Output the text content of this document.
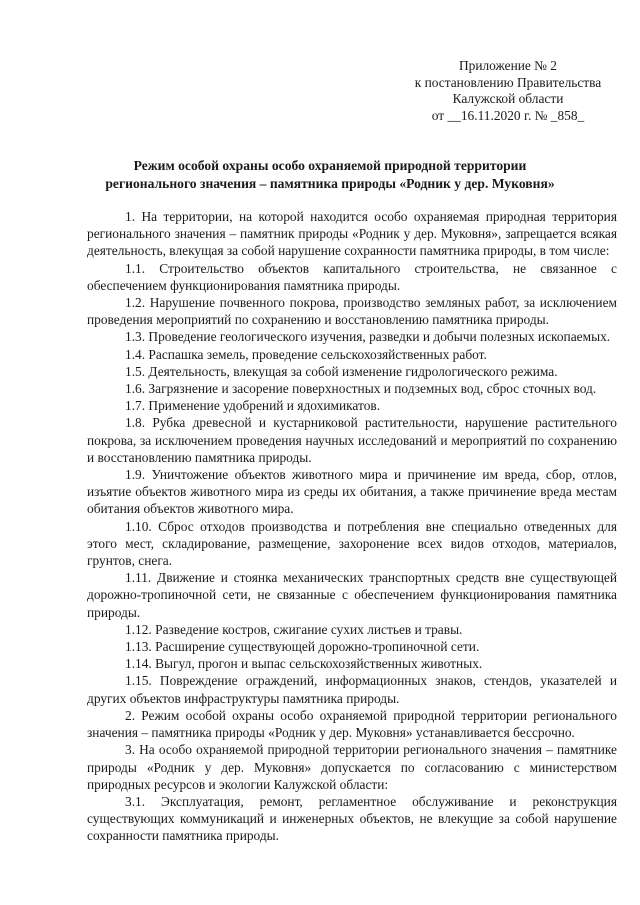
Приложение № 2
к постановлению Правительства
Калужской области
от __16.11.2020 г. № _858_
Режим особой охраны особо охраняемой природной территории
регионального значения – памятника природы «Родник у дер. Муковня»

1. На территории, на которой находится особо охраняемая природная территория регионального значения – памятник природы «Родник у дер. Муковня», запрещается всякая деятельность, влекущая за собой нарушение сохранности памятника природы, в том числе:

1.1. Строительство объектов капитального строительства, не связанное с обеспечением функционирования памятника природы.

1.2. Нарушение почвенного покрова, производство земляных работ, за исключением проведения мероприятий по сохранению и восстановлению памятника природы.

1.3. Проведение геологического изучения, разведки и добычи полезных ископаемых.

1.4. Распашка земель, проведение сельскохозяйственных работ.

1.5. Деятельность, влекущая за собой изменение гидрологического режима.

1.6. Загрязнение и засорение поверхностных и подземных вод, сброс сточных вод.

1.7. Применение удобрений и ядохимикатов.

1.8. Рубка древесной и кустарниковой растительности, нарушение растительного покрова, за исключением проведения научных исследований и мероприятий по сохранению и восстановлению памятника природы.

1.9. Уничтожение объектов животного мира и причинение им вреда, сбор, отлов, изъятие объектов животного мира из среды их обитания, а также причинение вреда местам обитания объектов животного мира.

1.10. Сброс отходов производства и потребления вне специально отведенных для этого мест, складирование, размещение, захоронение всех видов отходов, материалов, грунтов, снега.

1.11. Движение и стоянка механических транспортных средств вне существующей дорожно-тропиночной сети, не связанные с обеспечением функционирования памятника природы.

1.12. Разведение костров, сжигание сухих листьев и травы.

1.13. Расширение существующей дорожно-тропиночной сети.

1.14. Выгул, прогон и выпас сельскохозяйственных животных.

1.15. Повреждение ограждений, информационных знаков, стендов, указателей и других объектов инфраструктуры памятника природы.

2. Режим особой охраны особо охраняемой природной территории регионального значения – памятника природы «Родник у дер. Муковня» устанавливается бессрочно.

3. На особо охраняемой природной территории регионального значения – памятнике природы «Родник у дер. Муковня» допускается по согласованию с министерством природных ресурсов и экологии Калужской области:

3.1. Эксплуатация, ремонт, регламентное обслуживание и реконструкция существующих коммуникаций и инженерных объектов, не влекущие за собой нарушение сохранности памятника природы.
